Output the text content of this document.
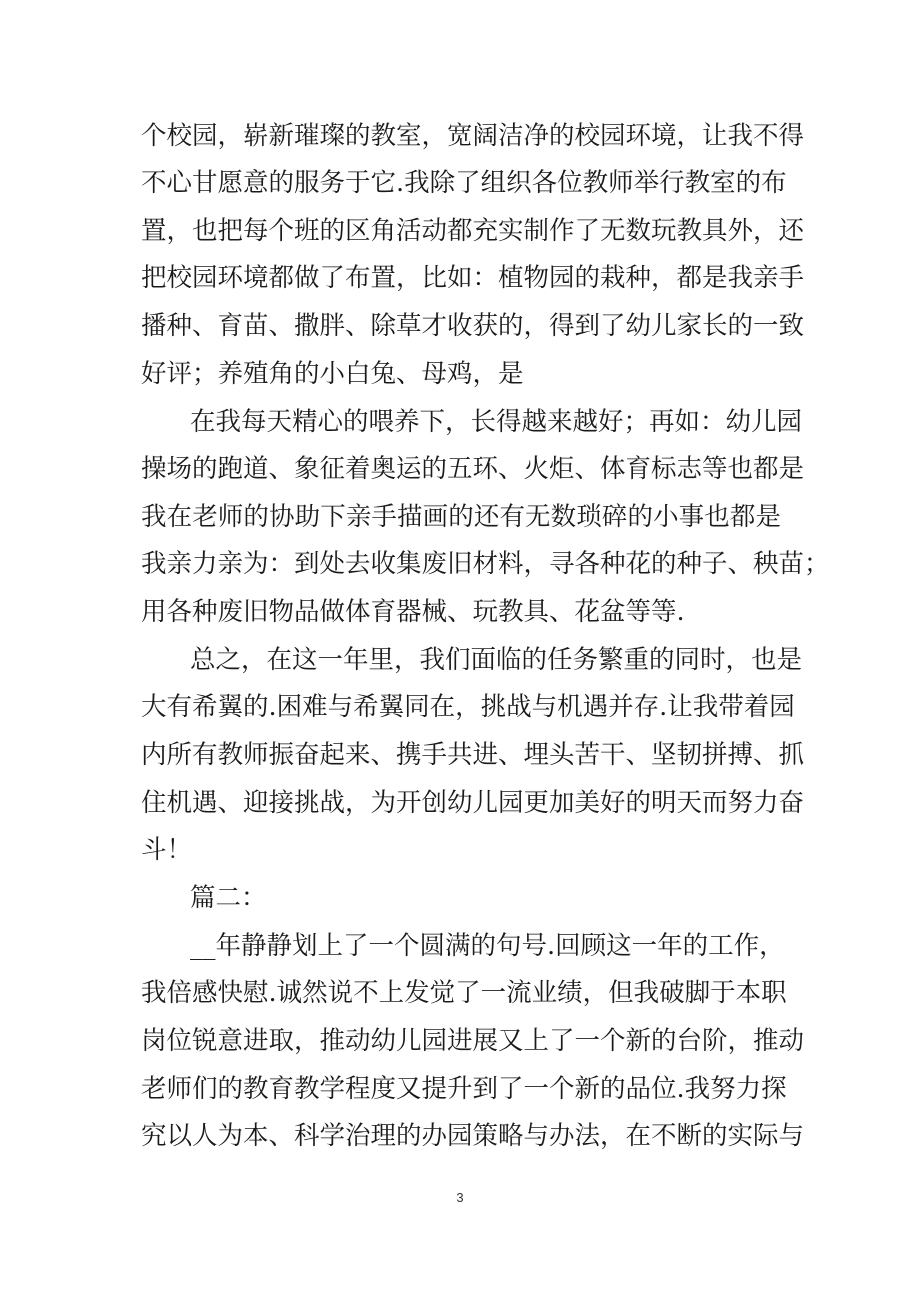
个校园，崭新璀璨的教室，宽阔洁净的校园环境，让我不得
不心甘愿意的服务于它.我除了组织各位教师举行教室的布
置，也把每个班的区角活动都充实制作了无数玩教具外，还
把校园环境都做了布置，比如：植物园的栽种，都是我亲手
播种、育苗、撒胖、除草才收获的，得到了幼儿家长的一致
好评；养殖角的小白兔、母鸡，是
在我每天精心的喂养下，长得越来越好；再如：幼儿园
操场的跑道、象征着奥运的五环、火炬、体育标志等也都是
我在老师的协助下亲手描画的还有无数琐碎的小事也都是
我亲力亲为：到处去收集废旧材料，寻各种花的种子、秧苗；
用各种废旧物品做体育器械、玩教具、花盆等等.
总之，在这一年里，我们面临的任务繁重的同时，也是
大有希翼的.困难与希翼同在，挑战与机遇并存.让我带着园
内所有教师振奋起来、携手共进、埋头苦干、坚韧拼搏、抓
住机遇、迎接挑战，为开创幼儿园更加美好的明天而努力奋
斗！
篇二：
__年静静划上了一个圆满的句号.回顾这一年的工作，
我倍感快慰.诚然说不上发觉了一流业绩，但我破脚于本职
岗位锐意进取，推动幼儿园进展又上了一个新的台阶，推动
老师们的教育教学程度又提升到了一个新的品位.我努力探
究以人为本、科学治理的办园策略与办法，在不断的实际与
3
